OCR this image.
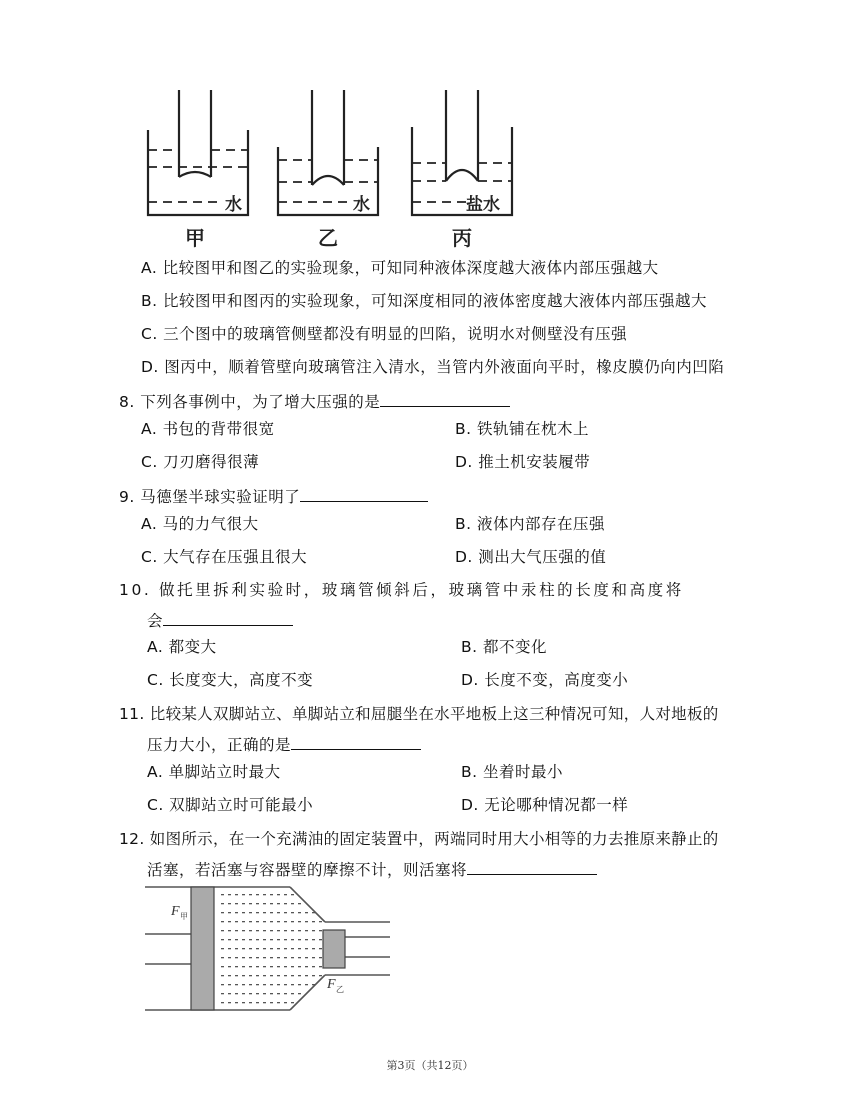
水	水	盐水
甲	乙	丙
A. 比较图甲和图乙的实验现象，可知同种液体深度越大液体内部压强越大
B. 比较图甲和图丙的实验现象，可知深度相同的液体密度越大液体内部压强越大
C. 三个图中的玻璃管侧壁都没有明显的凹陷，说明水对侧壁没有压强
D. 图丙中，顺着管壁向玻璃管注入清水，当管内外液面向平时，橡皮膜仍向内凹陷
8. 下列各事例中，为了增大压强的是
A. 书包的背带很宽	B. 铁轨铺在枕木上
C. 刀刃磨得很薄	D. 推土机安装履带
9. 马德堡半球实验证明了
A. 马的力气很大	B. 液体内部存在压强
C. 大气存在压强且很大	D. 测出大气压强的值
10. 做托里拆利实验时，玻璃管倾斜后，玻璃管中汞柱的长度和高度将
会
A. 都变大	B. 都不变化
C. 长度变大，高度不变	D. 长度不变，高度变小
11. 比较某人双脚站立、单脚站立和屈腿坐在水平地板上这三种情况可知，人对地板的
压力大小，正确的是
A. 单脚站立时最大	B. 坐着时最小
C. 双脚站立时可能最小	D. 无论哪种情况都一样
12. 如图所示，在一个充满油的固定装置中，两端同时用大小相等的力去推原来静止的
活塞，若活塞与容器壁的摩擦不计，则活塞将
F 甲
F 乙
第3页（共12页）
